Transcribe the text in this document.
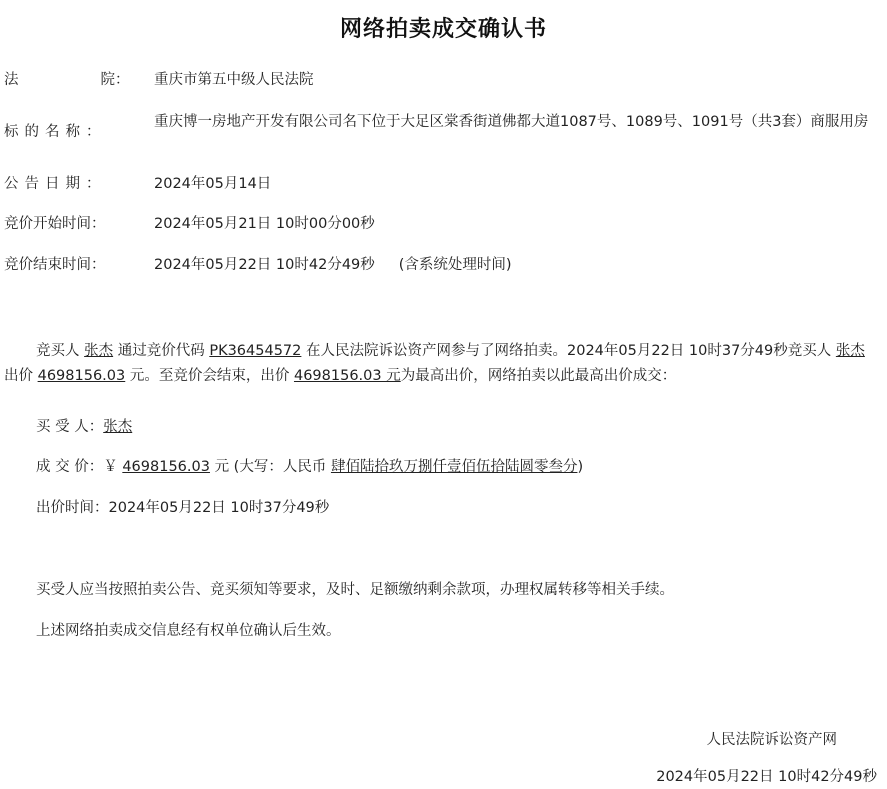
网络拍卖成交确认书
法	院： 重庆市第五中级人民法院
标的名称：
重庆博一房地产开发有限公司名下位于大足区棠香街道佛都大道1087号、1089号、1091号（共3套）商服用房
公告日期：	2024年05月14日
竞价开始时间：	2024年05月21日 10时00分00秒
竞价结束时间：	2024年05月22日 10时42分49秒 (含系统处理时间)
竞买人 张杰 通过竞价代码 PK36454572 在人民法院诉讼资产网参与了网络拍卖。2024年05月22日 10时37分49秒竞买人 张杰 出价 4698156.03 元。至竞价会结束，出价 4698156.03 元为最高出价，网络拍卖以此最高出价成交：
买 受 人：张杰
成 交 价：￥ 4698156.03 元 (大写：人民币 肆佰陆拾玖万捌仟壹佰伍拾陆圆零叁分)
出价时间：2024年05月22日 10时37分49秒
买受人应当按照拍卖公告、竞买须知等要求，及时、足额缴纳剩余款项，办理权属转移等相关手续。
上述网络拍卖成交信息经有权单位确认后生效。
人民法院诉讼资产网
2024年05月22日 10时42分49秒
